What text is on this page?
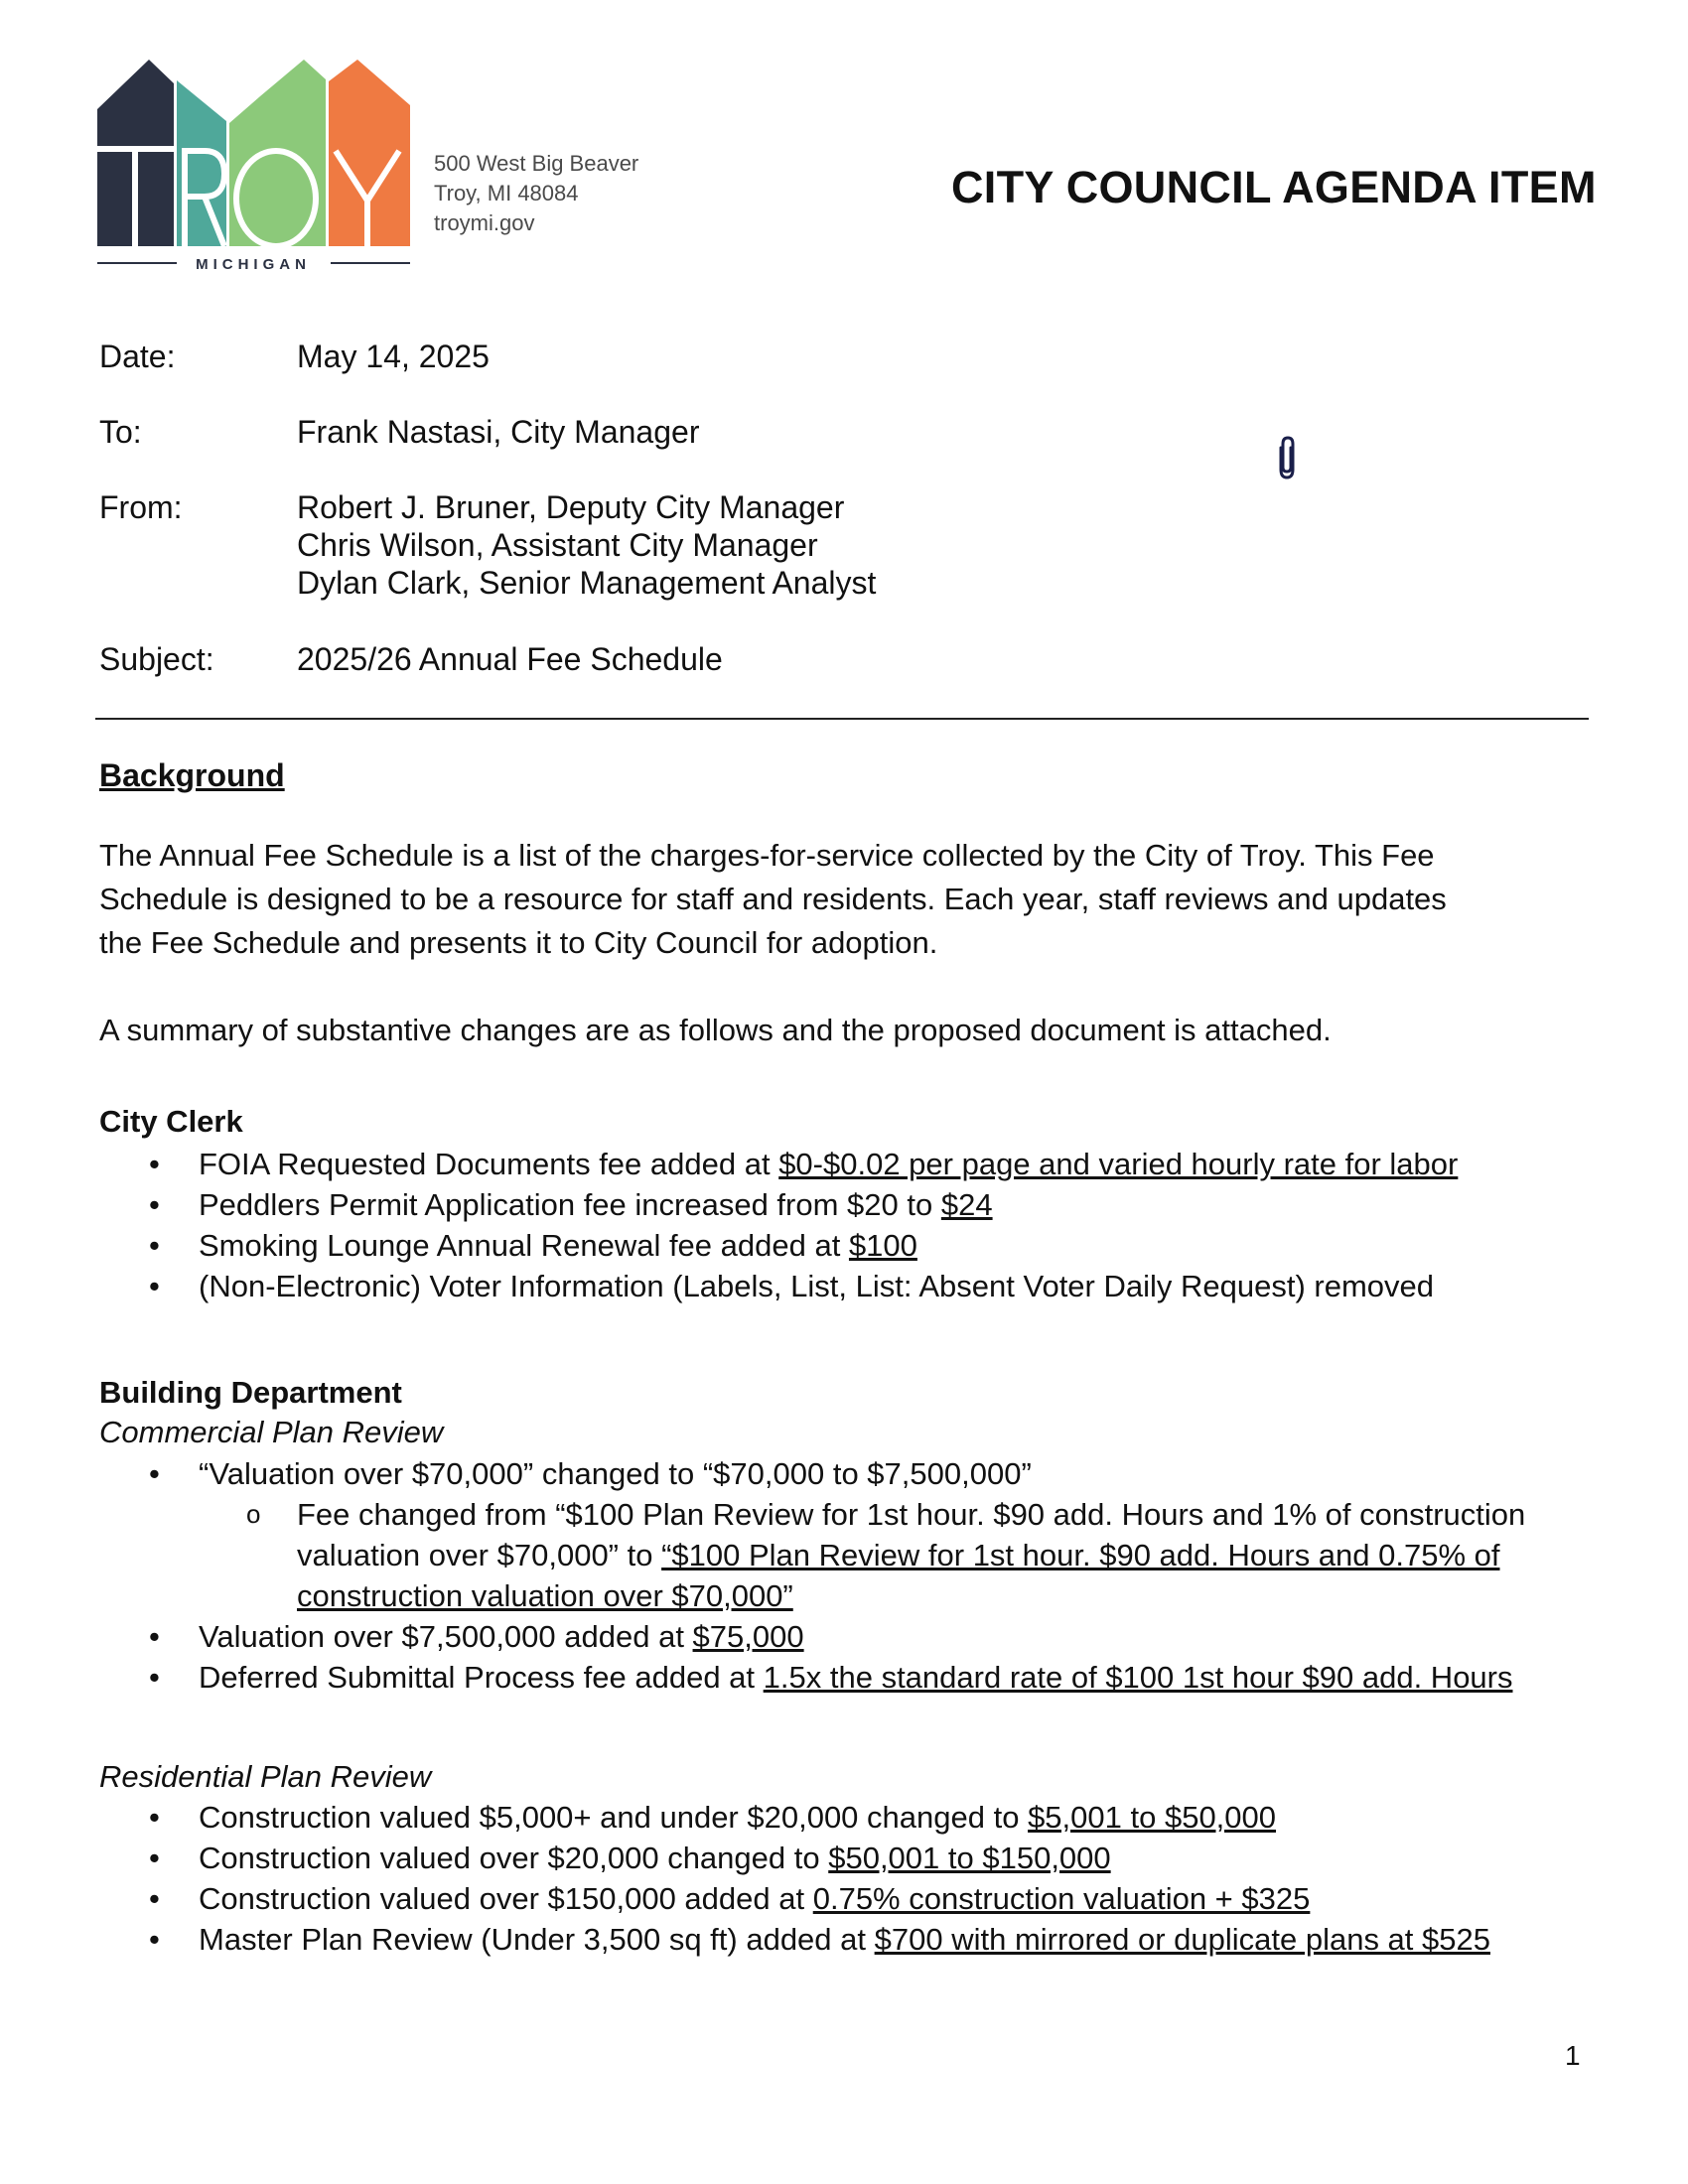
MICHIGAN
500 West Big Beaver
Troy, MI 48084
troymi.gov
CITY COUNCIL AGENDA ITEM
Date:	May 14, 2025
To:	Frank Nastasi, City Manager
From:	Robert J. Bruner, Deputy City Manager
Chris Wilson, Assistant City Manager
Dylan Clark, Senior Management Analyst
Subject:	2025/26 Annual Fee Schedule
Background
The Annual Fee Schedule is a list of the charges-for-service collected by the City of Troy. This Fee
Schedule is designed to be a resource for staff and residents. Each year, staff reviews and updates
the Fee Schedule and presents it to City Council for adoption.
A summary of substantive changes are as follows and the proposed document is attached.
City Clerk
• FOIA Requested Documents fee added at $0-$0.02 per page and varied hourly rate for labor
• Peddlers Permit Application fee increased from $20 to $24
• Smoking Lounge Annual Renewal fee added at $100
• (Non-Electronic) Voter Information (Labels, List, List: Absent Voter Daily Request) removed
Building Department
Commercial Plan Review
• “Valuation over $70,000” changed to “$70,000 to $7,500,000”
o Fee changed from “$100 Plan Review for 1st hour. $90 add. Hours and 1% of construction valuation over $70,000” to “$100 Plan Review for 1st hour. $90 add. Hours and 0.75% of construction valuation over $70,000”
• Valuation over $7,500,000 added at $75,000
• Deferred Submittal Process fee added at 1.5x the standard rate of $100 1st hour $90 add. Hours
Residential Plan Review
• Construction valued $5,000+ and under $20,000 changed to $5,001 to $50,000
• Construction valued over $20,000 changed to $50,001 to $150,000
• Construction valued over $150,000 added at 0.75% construction valuation + $325
• Master Plan Review (Under 3,500 sq ft) added at $700 with mirrored or duplicate plans at $525
1
